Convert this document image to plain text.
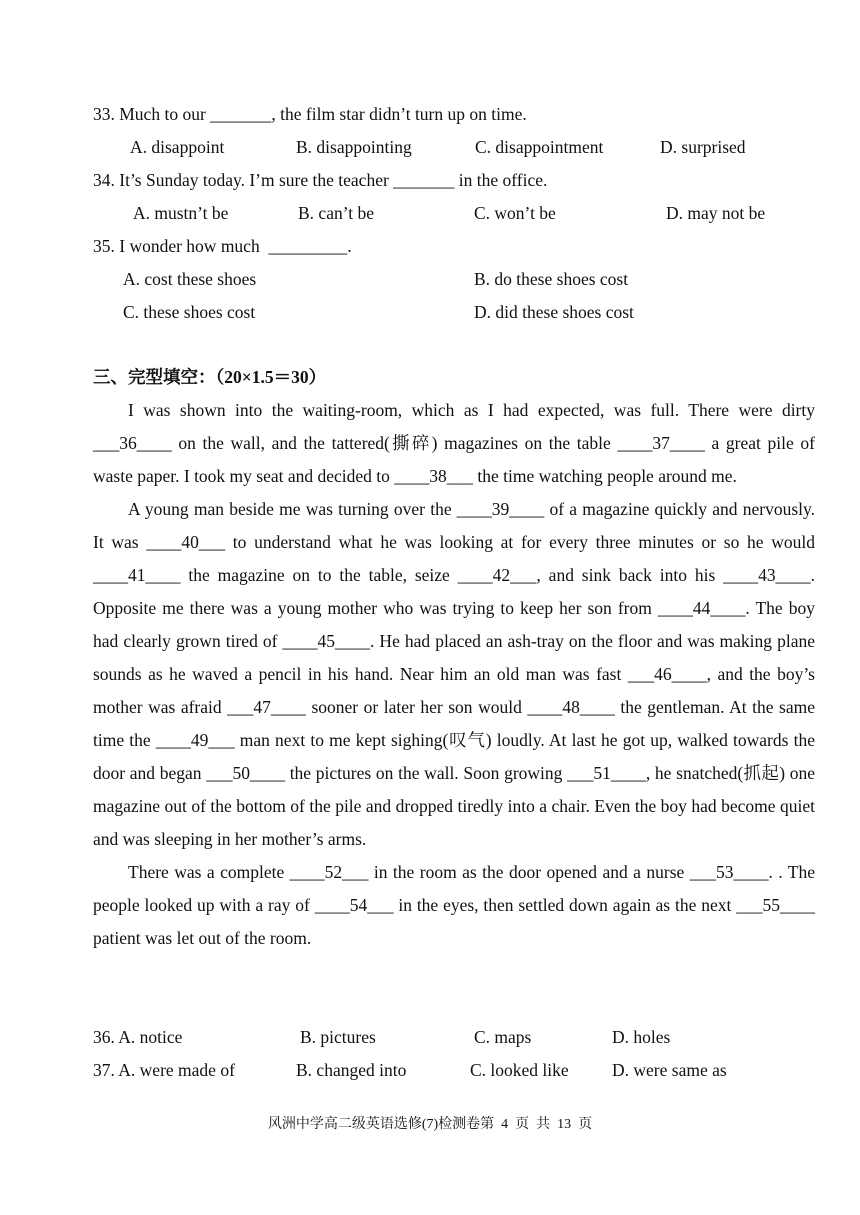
33. Much to our _______, the film star didn’t turn up on time.
A. disappoint	B. disappointing	C. disappointment	D. surprised
34. It’s Sunday today. I’m sure the teacher _______ in the office.
A. mustn’t be	B. can’t be	C. won’t be	D. may not be
35. I wonder how much  _________.
A. cost these shoes	B. do these shoes cost
C. these shoes cost	D. did these shoes cost
三、完型填空：（20×1.5＝30）

I was shown into the waiting-room, which as I had expected, was full. There were dirty ___36____ on the wall, and the tattered(撕碎) magazines on the table ____37____ a great pile of waste paper. I took my seat and decided to ____38___ the time watching people around me.

A young man beside me was turning over the ____39____ of a magazine quickly and nervously. It was ____40___ to understand what he was looking at for every three minutes or so he would ____41____ the magazine on to the table, seize ____42___, and sink back into his ____43____. Opposite me there was a young mother who was trying to keep her son from ____44____. The boy had clearly grown tired of ____45____. He had placed an ash-tray on the floor and was making plane sounds as he waved a pencil in his hand. Near him an old man was fast ___46____, and the boy’s mother was afraid ___47____ sooner or later her son would ____48____ the gentleman. At the same time the ____49___ man next to me kept sighing(叹气) loudly. At last he got up, walked towards the door and began ___50____ the pictures on the wall. Soon growing ___51____, he snatched(抓起) one magazine out of the bottom of the pile and dropped tiredly into a chair. Even the boy had become quiet and was sleeping in her mother’s arms.

There was a complete ____52___ in the room as the door opened and a nurse ___53____. . The people looked up with a ray of ____54___ in the eyes, then settled down again as the next ___55____ patient was let out of the room.

36. A. notice	B. pictures	C. maps	D. holes
37. A. were made of	B. changed into	C. looked like D. were same as
风洲中学高二级英语选修(7)检测卷第  4  页  共  13  页
